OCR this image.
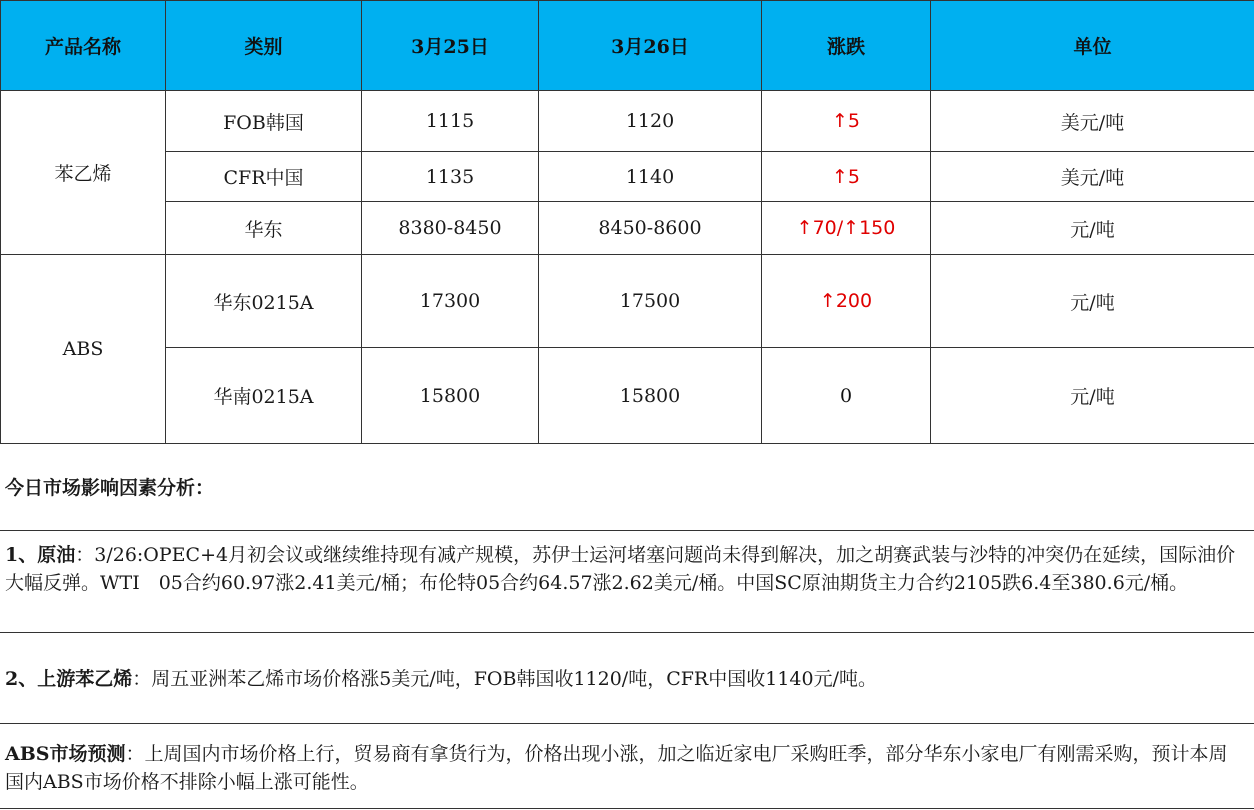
产品名称	类别	3月25日	3月26日	涨跌	单位
苯乙烯	FOB韩国	1115	1120	↑5	美元/吨
	CFR中国	1135	1140	↑5	美元/吨
	华东	8380-8450	8450-8600	↑70/↑150	元/吨
ABS	华东0215A	17300	17500	↑200	元/吨
	华南0215A	15800	15800	0	元/吨
今日市场影响因素分析：
1、原油：3/26:OPEC+4月初会议或继续维持现有减产规模，苏伊士运河堵塞问题尚未得到解决，加之胡赛武装与沙特的冲突仍在延续，国际油价大幅反弹。WTI　05合约60.97涨2.41美元/桶；布伦特05合约64.57涨2.62美元/桶。中国SC原油期货主力合约2105跌6.4至380.6元/桶。
2、上游苯乙烯：周五亚洲苯乙烯市场价格涨5美元/吨，FOB韩国收1120/吨，CFR中国收1140元/吨。
ABS市场预测：上周国内市场价格上行，贸易商有拿货行为，价格出现小涨，加之临近家电厂采购旺季，部分华东小家电厂有刚需采购，预计本周国内ABS市场价格不排除小幅上涨可能性。
